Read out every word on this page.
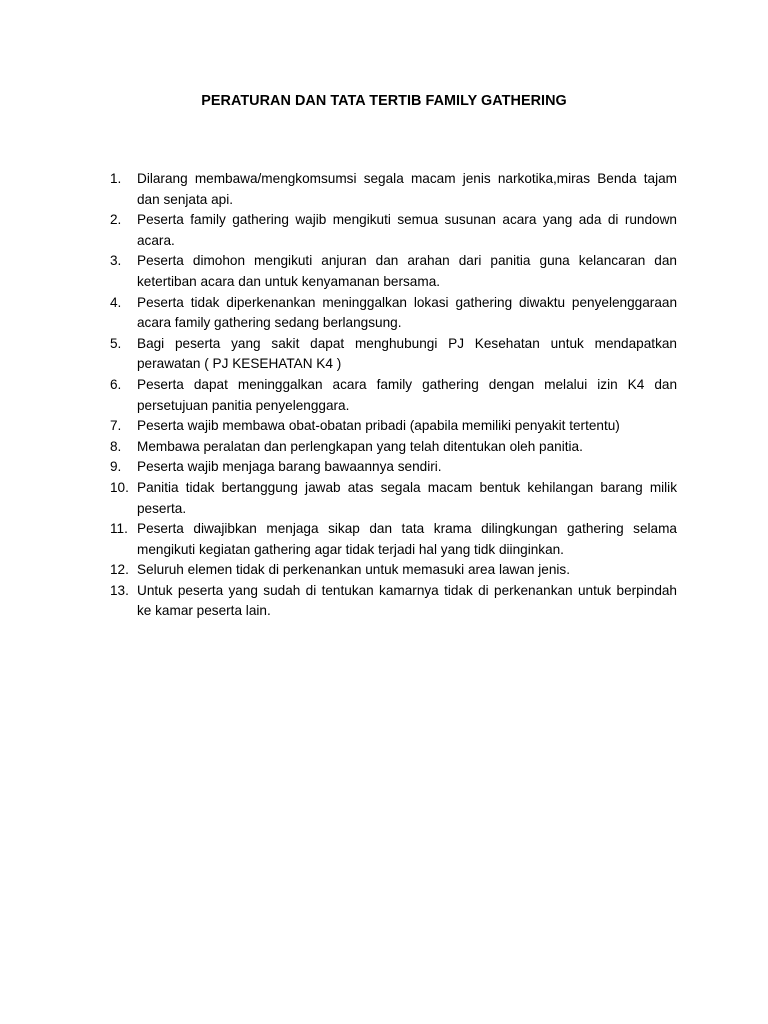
PERATURAN DAN TATA TERTIB FAMILY GATHERING
1.	Dilarang membawa/mengkomsumsi segala macam jenis narkotika,miras Benda tajam dan senjata api.
2.	Peserta family gathering wajib mengikuti semua susunan acara yang ada di rundown acara.
3.	Peserta dimohon mengikuti anjuran dan arahan dari panitia guna kelancaran dan ketertiban acara dan untuk kenyamanan bersama.
4.	Peserta tidak diperkenankan meninggalkan lokasi gathering diwaktu penyelenggaraan acara family gathering sedang berlangsung.
5.	Bagi peserta yang sakit dapat menghubungi PJ Kesehatan untuk mendapatkan perawatan ( PJ KESEHATAN K4 )
6.	Peserta dapat meninggalkan acara family gathering dengan melalui izin K4 dan persetujuan panitia penyelenggara.
7.	Peserta wajib membawa obat-obatan pribadi (apabila memiliki penyakit tertentu)
8.	Membawa peralatan dan perlengkapan yang telah ditentukan oleh panitia.
9.	Peserta wajib menjaga barang bawaannya sendiri.
10. Panitia tidak bertanggung jawab atas segala macam bentuk kehilangan barang milik peserta.
11. Peserta diwajibkan menjaga sikap dan tata krama dilingkungan gathering selama mengikuti kegiatan gathering agar tidak terjadi hal yang tidk diinginkan.
12. Seluruh elemen tidak di perkenankan untuk memasuki area lawan jenis.
13. Untuk peserta yang sudah di tentukan kamarnya tidak di perkenankan untuk berpindah ke kamar peserta lain.
